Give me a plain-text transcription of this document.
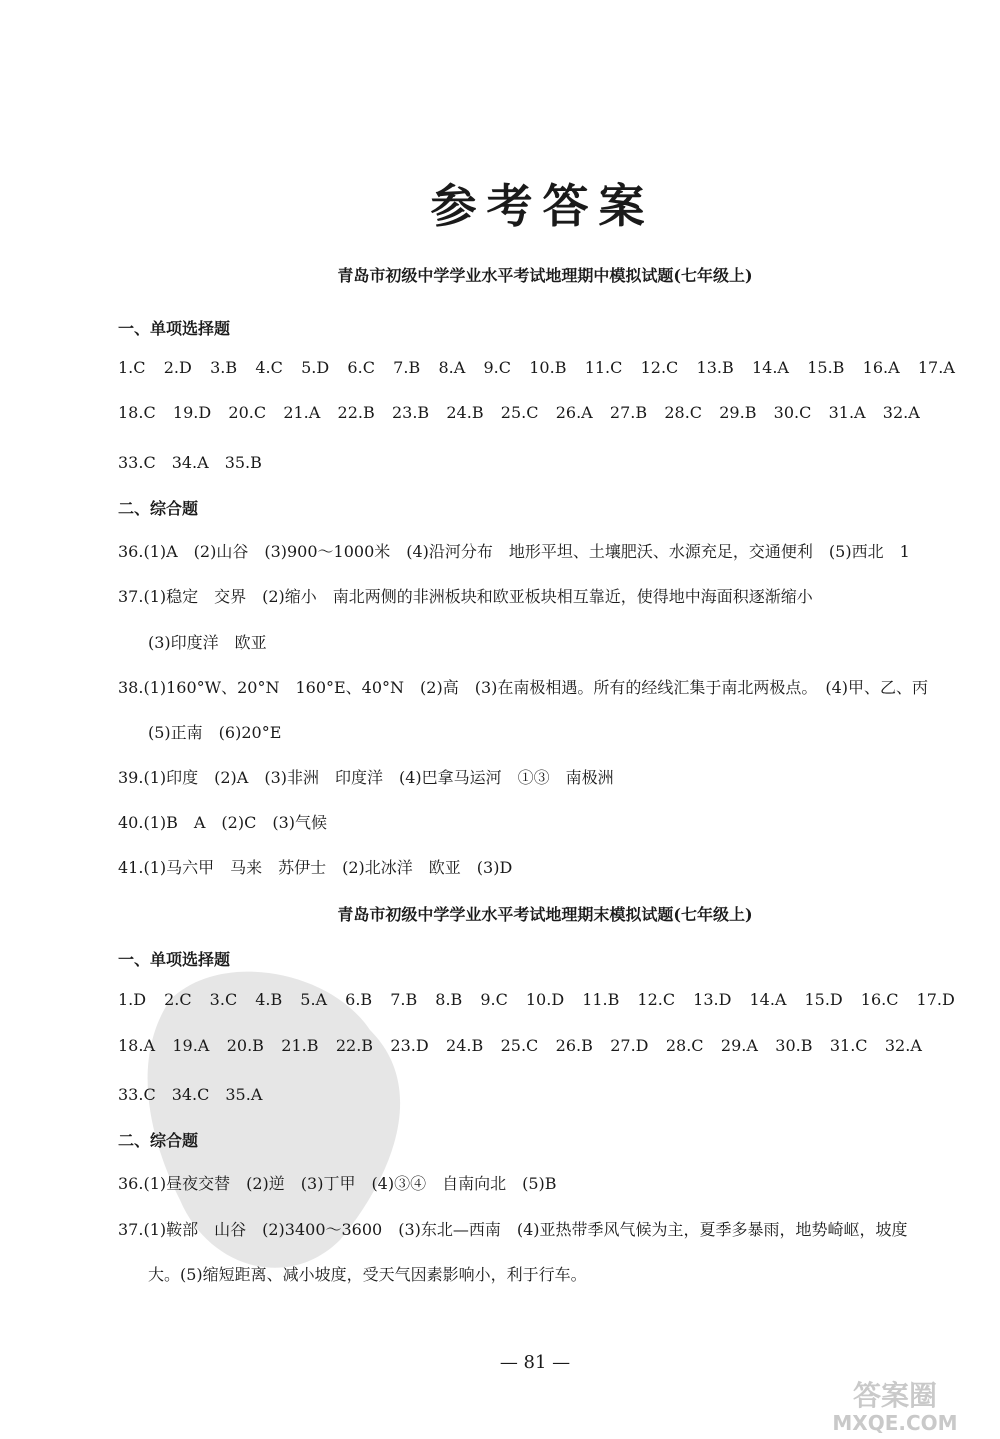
参考答案
青岛市初级中学学业水平考试地理期中模拟试题(七年级上)
一、单项选择题
1.C 2.D 3.B 4.C 5.D 6.C 7.B 8.A 9.C 10.B 11.C 12.C 13.B 14.A 15.B 16.A 17.A
18.C 19.D 20.C 21.A 22.B 23.B 24.B 25.C 26.A 27.B 28.C 29.B 30.C 31.A 32.A
33.C　34.A　35.B
二、综合题
36.(1)A　(2)山谷　(3)900～1000米　(4)沿河分布　地形平坦、土壤肥沃、水源充足，交通便利　(5)西北　1
37.(1)稳定　交界　(2)缩小　南北两侧的非洲板块和欧亚板块相互靠近，使得地中海面积逐渐缩小
(3)印度洋　欧亚
38.(1)160°W、20°N　160°E、40°N　(2)高　(3)在南极相遇。所有的经线汇集于南北两极点。　(4)甲、乙、丙
(5)正南　(6)20°E
39.(1)印度　(2)A　(3)非洲　印度洋　(4)巴拿马运河　①③　南极洲
40.(1)B　A　(2)C　(3)气候
41.(1)马六甲　马来　苏伊士　(2)北冰洋　欧亚　(3)D
青岛市初级中学学业水平考试地理期末模拟试题(七年级上)
一、单项选择题
1.D 2.C 3.C 4.B 5.A 6.B 7.B 8.B 9.C 10.D 11.B 12.C 13.D 14.A 15.D 16.C 17.D
18.A 19.A 20.B 21.B 22.B 23.D 24.B 25.C 26.B 27.D 28.C 29.A 30.B 31.C 32.A
33.C　34.C　35.A
二、综合题
36.(1)昼夜交替　(2)逆　(3)丁甲　(4)③④　自南向北　(5)B
37.(1)鞍部　山谷　(2)3400～3600　(3)东北—西南　(4)亚热带季风气候为主，夏季多暴雨，地势崎岖，坡度
大。(5)缩短距离、减小坡度，受天气因素影响小，利于行车。
— 81 —
答案圈
MXQE.COM
